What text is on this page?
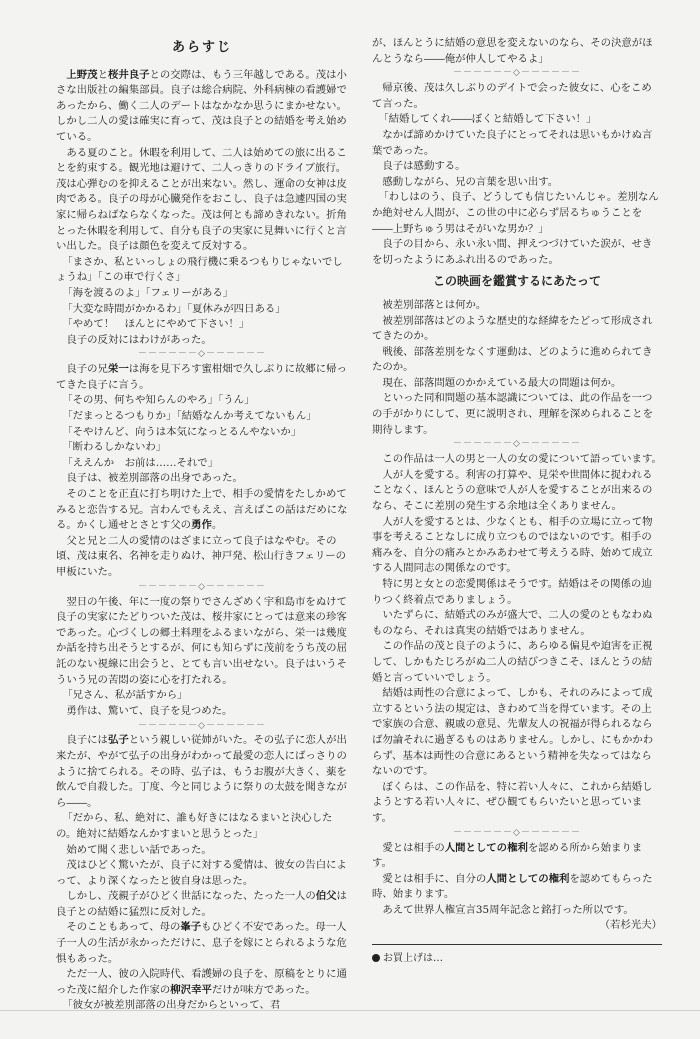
あらすじ

上野茂と桜井良子との交際は、もう三年越しである。茂は小さな出版社の編集部員。良子は総合病院、外科病棟の看護婦であったから、働く二人のデートはなかなか思うにまかせない。しかし二人の愛は確実に育って、茂は良子との結婚を考え始めている。

ある夏のこと。休暇を利用して、二人は始めての旅に出ることを約束する。観光地は避けて、二人っきりのドライブ旅行。茂は心弾むのを抑えることが出来ない。然し、運命の女神は皮肉である。良子の母が心臓発作をおこし、良子は急遽四国の実家に帰らねばならなくなった。茂は何とも諦めきれない。折角とった休暇を利用して、自分も良子の実家に見舞いに行くと言い出した。良子は顔色を変えて反対する。

「まさか、私といっしょの飛行機に乗るつもりじゃないでしょうね」「この車で行くさ」

「海を渡るのよ」「フェリーがある」

「大変な時間がかかるわ」「夏休みが四日ある」

「やめて！　ほんとにやめて下さい！」

良子の反対にはわけがあった。

－－－－－－◇－－－－－－

良子の兄栄一は海を見下ろす蜜柑畑で久しぶりに故郷に帰ってきた良子に言う。

「その男、何ちや知らんのやろ」「うん」

「だまっとるつもりか」「結婚なんか考えてないもん」

「そやけんど、向うは本気になっとるんやないか」

「断わるしかないわ」

「ええんか　お前は……それで」

良子は、被差別部落の出身であった。

そのことを正直に打ち明けた上で、相手の愛情をたしかめてみると恋告する兄。言わんでもええ、言えばこの話はだめになる。かくし通せとさとす父の勇作。

父と兄と二人の愛情のはざまに立って良子はなやむ。その頃、茂は東名、名神を走りぬけ、神戸発、松山行きフェリーの甲板にいた。

－－－－－－◇－－－－－－

翌日の午後、年に一度の祭りでさんざめく宇和島市をぬけて良子の実家にたどりついた茂は、桜井家にとっては意来の珍客であった。心づくしの郷土料理をふるまいながら、栄一は幾度か話を持ち出そうとするが、何にも知らずに茂前をうち茂の屈託のない視線に出会うと、とても言い出せない。良子はいうそういう兄の苦悶の姿に心を打たれる。

「兄さん、私が話すから」

勇作は、驚いて、良子を見つめた。

－－－－－－◇－－－－－－

良子には弘子という親しい従姉がいた。その弘子に恋人が出来たが、やがて弘子の出身がわかって最愛の恋人にばっさりのように捨てられる。その時、弘子は、もうお腹が大きく、薬を飲んで自殺した。丁度、今と同じように祭りの太鼓を聞きながら――。

「だから、私、絶対に、誰も好きにはなるまいと決心したの。絶対に結婚なんかすまいと思うとった」

始めて聞く悲しい話であった。

茂はひどく驚いたが、良子に対する愛情は、彼女の告白によって、より深くなったと彼自身は思った。

しかし、茂親子がひどく世話になった、たった一人の伯父は良子との結婚に猛烈に反対した。

そのこともあって、母の峯子もひどく不安であった。母一人子一人の生活が永かっただけに、息子を嫁にとられるような危惧もあった。

ただ一人、彼の入院時代、看護婦の良子を、原稿をとりに通った茂に紹介した作家の柳沢幸平だけが味方であった。

「彼女が被差別部落の出身だからといって、君

が、ほんとうに結婚の意思を変えないのなら、その決意がほんとうなら――俺が仲人してやるよ」

－－－－－－◇－－－－－－

帰京後、茂は久しぶりのデイトで会った彼女に、心をこめて言った。

「結婚してくれ――ぼくと結婚して下さい！」

なかば諦めかけていた良子にとってそれは思いもかけぬ言葉であった。

良子は感動する。

感動しながら、兄の言葉を思い出す。

「わしはのう、良子、どうしても信じたいんじゃ。差別なんか絶対せん人間が、この世の中に必らず居るちゅうことを――上野ちゅう男はそがいな男か？」

良子の目から、永い永い間、押えつづけていた涙が、せきを切ったようにあふれ出るのであった。

この映画を鑑賞するにあたって

被差別部落とは何か。

被差別部落はどのような歴史的な経緯をたどって形成されてきたのか。

戦後、部落差別をなくす運動は、どのように進められてきたのか。

現在、部落問題のかかえている最大の問題は何か。

といった同和問題の基本認識については、此の作品を一つの手がかりにして、更に説明され、理解を深められることを期待します。

－－－－－－◇－－－－－－

この作品は一人の男と一人の女の愛について語っています。

人が人を愛する。利害の打算や、見栄や世間体に捉われることなく、ほんとうの意味で人が人を愛することが出来るのなら、そこに差別の発生する余地は全くありません。

人が人を愛するとは、少なくとも、相手の立場に立って物事を考えることなしに成り立つものではないのです。相手の痛みを、自分の痛みとかみあわせて考えうる時、始めて成立する人間同志の関係なのです。

特に男と女との恋愛関係はそうです。結婚はその関係の辿りつく終着点でありましょう。

いたずらに、結婚式のみが盛大で、二人の愛のともなわぬものなら、それは真実の結婚ではありません。

この作品の茂と良子のように、あらゆる偏見や迫害を正視して、しかもたじろがぬ二人の結びつきこそ、ほんとうの結婚と言っていいでしょう。

結婚は両性の合意によって、しかも、それのみによって成立するという法の規定は、きわめて当を得ています。その上で家族の合意、親戚の意見、先輩友人の祝福が得られるならば勿論それに過ぎるものはありません。しかし、にもかかわらず、基本は両性の合意にあるという精神を失なってはならないのです。

ぼくらは、この作品を、特に若い人々に、これから結婚しようとする若い人々に、ぜひ観てもらいたいと思っています。

－－－－－－◇－－－－－－

愛とは相手の人間としての権利を認める所から始まります。

愛とは相手に、自分の人間としての権利を認めてもらった時、始まります。

あえて世界人権宣言35周年記念と銘打った所以です。

（若杉光夫）

お買上げは…
